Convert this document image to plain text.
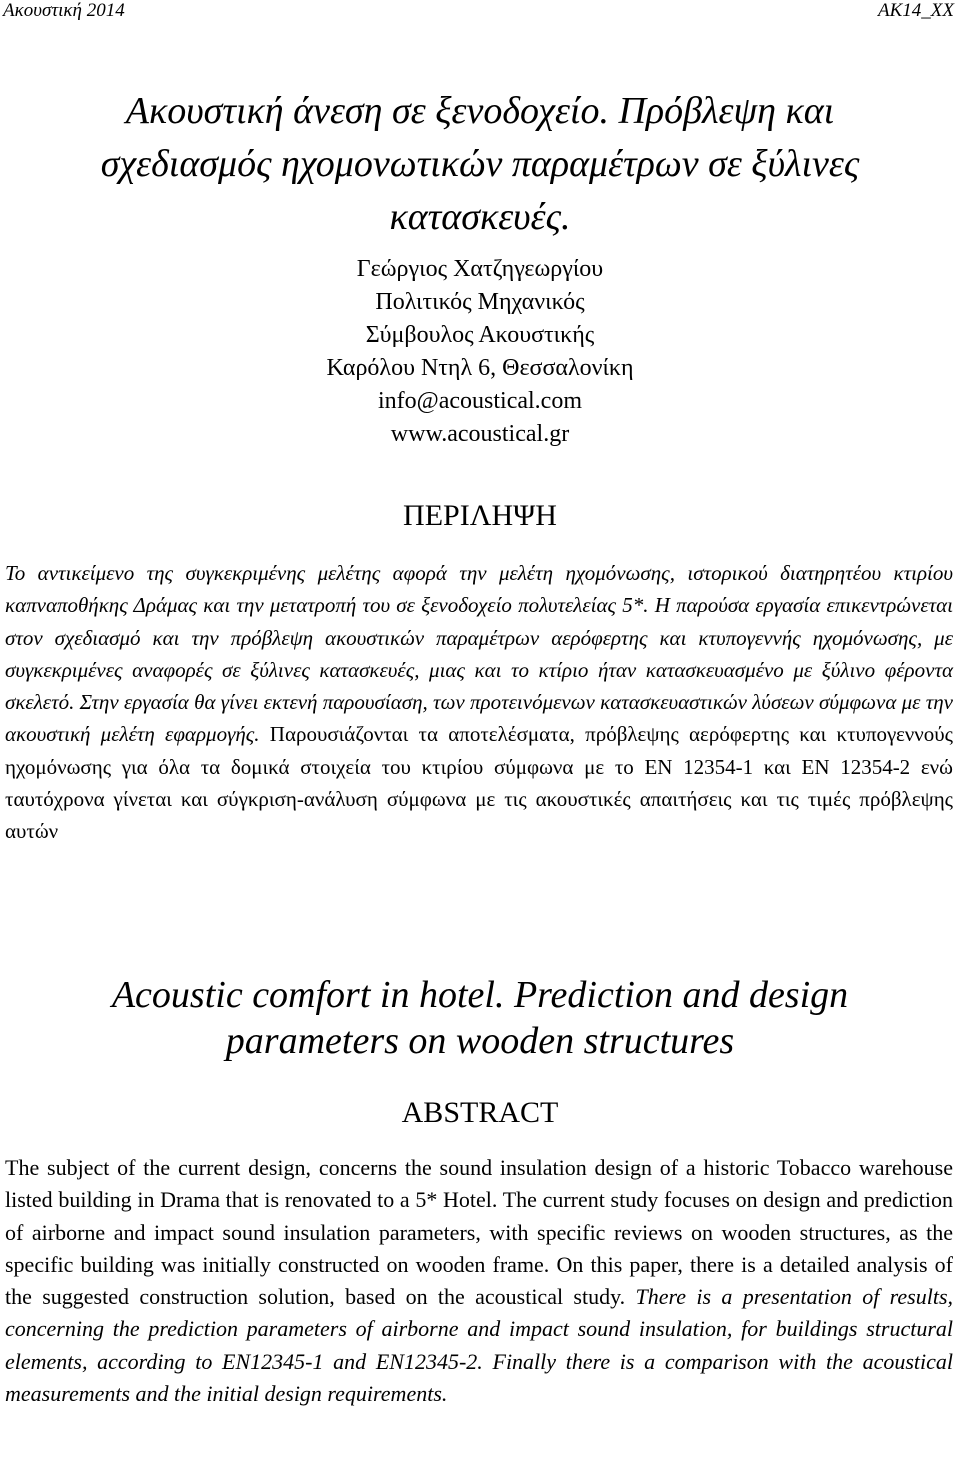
Ακουστική 2014	ΑΚ14_XX
Ακουστική άνεση σε ξενοδοχείο. Πρόβλεψη και σχεδιασμός ηχομονωτικών παραμέτρων σε ξύλινες κατασκευές.
Γεώργιος Χατζηγεωργίου
Πολιτικός Μηχανικός
Σύμβουλος Ακουστικής
Καρόλου Ντηλ 6, Θεσσαλονίκη
info@acoustical.com
www.acoustical.gr
ΠΕΡΙΛΗΨΗ

Το αντικείμενο της συγκεκριμένης μελέτης αφορά την μελέτη ηχομόνωσης, ιστορικού διατηρητέου κτιρίου καπναποθήκης Δράμας και την μετατροπή του σε ξενοδοχείο πολυτελείας 5*. Η παρούσα εργασία επικεντρώνεται στον σχεδιασμό και την πρόβλεψη ακουστικών παραμέτρων αερόφερτης και κτυπογεννής ηχομόνωσης, με συγκεκριμένες αναφορές σε ξύλινες κατασκευές, μιας και το κτίριο ήταν κατασκευασμένο με ξύλινο φέροντα σκελετό. Στην εργασία θα γίνει εκτενή παρουσίαση, των προτεινόμενων κατασκευαστικών λύσεων σύμφωνα με την ακουστική μελέτη εφαρμογής. Παρουσιάζονται τα αποτελέσματα, πρόβλεψης αερόφερτης και κτυπογεννούς ηχομόνωσης για όλα τα δομικά στοιχεία του κτιρίου σύμφωνα με το ΕΝ 12354-1 και ΕΝ 12354-2 ενώ ταυτόχρονα γίνεται και σύγκριση-ανάλυση σύμφωνα με τις ακουστικές απαιτήσεις και τις τιμές πρόβλεψης αυτών

Acoustic comfort in hotel. Prediction and design parameters on wooden structures
ABSTRACT

The subject of the current design, concerns the sound insulation design of a historic Tobacco warehouse listed building in Drama that is renovated to a 5* Hotel. The current study focuses on design and prediction of airborne and impact sound insulation parameters, with specific reviews on wooden structures, as the specific building was initially constructed on wooden frame. On this paper, there is a detailed analysis of the suggested construction solution, based on the acoustical study. There is a presentation of results, concerning the prediction parameters of airborne and impact sound insulation, for buildings structural elements, according to EN12345-1 and EN12345-2. Finally there is a comparison with the acoustical measurements and the initial design requirements.
